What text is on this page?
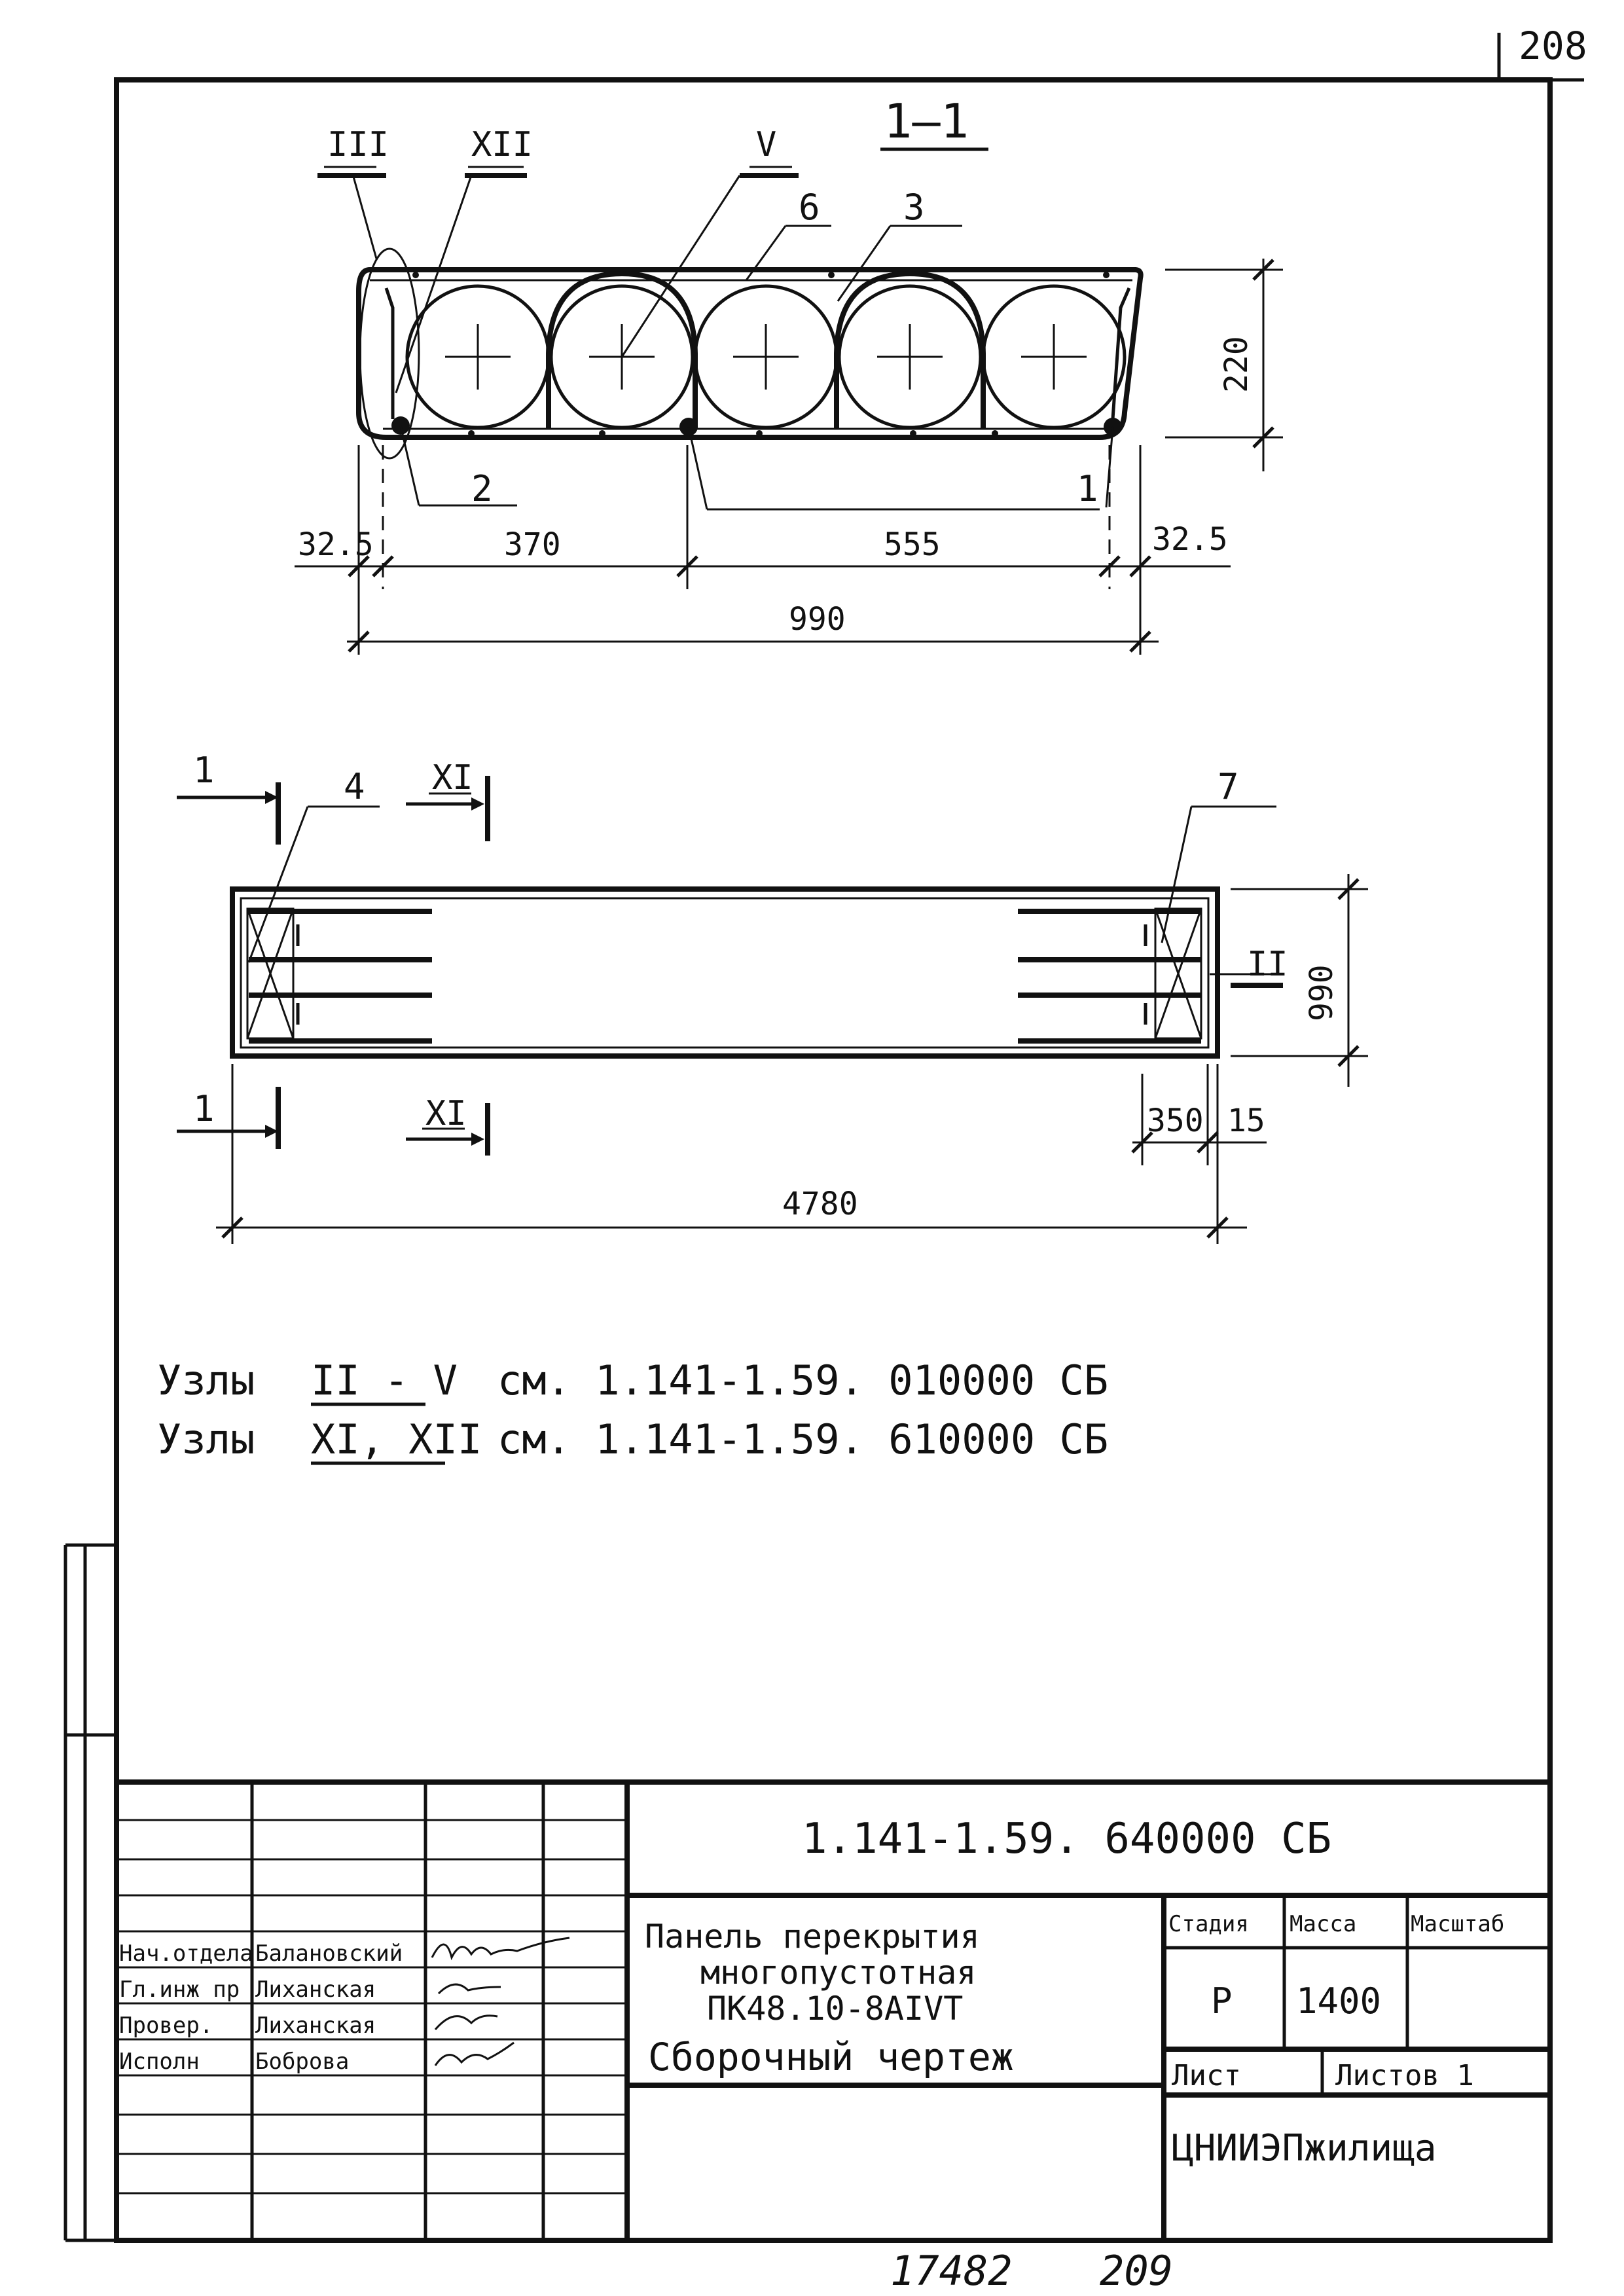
208
1—1
III XII	V
6 3
2	1
220
32.5	370	555	32.5
990
1
1
XI
XI
4	7
II
990
350 15
4780
Узлы II - V см. 1.141-1.59. 010000 СБ
Узлы XI, XII см. 1.141-1.59. 610000 СБ
Нач.отдела Балановский
Гл.инж пр Лиханская
Провер. Лиханская
Исполн	Боброва
1.141-1.59. 640000 СБ
Панель перекрытия
многопустотная
ПК48.10-8АIVТ
Сборочный чертеж
Стадия Масса Масштаб
Р 1400
Лист	Листов 1
ЦНИИЭПжилища
17482 209
